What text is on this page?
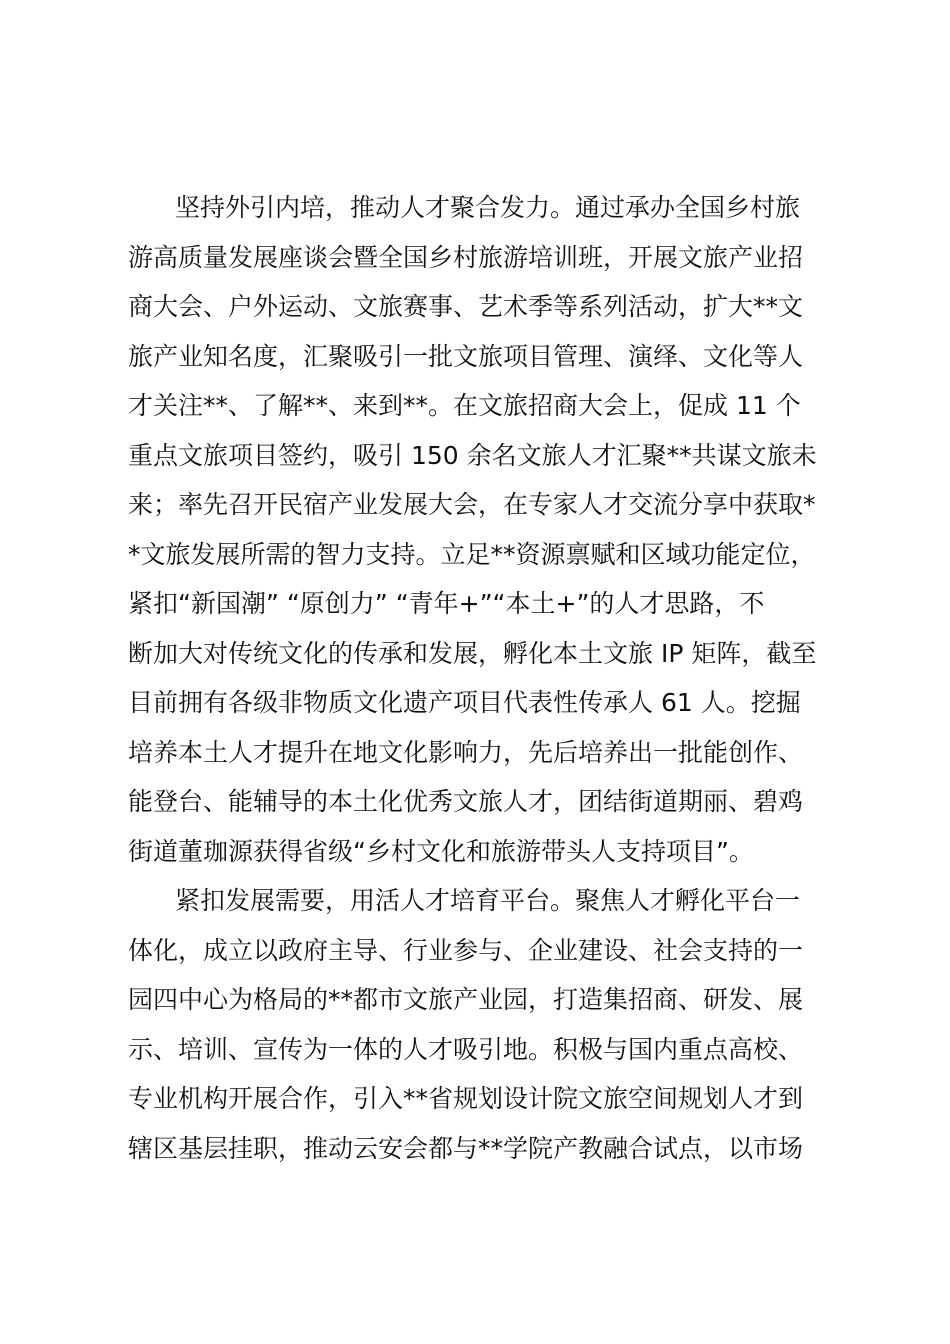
坚持外引内培，推动人才聚合发力。通过承办全国乡村旅
游高质量发展座谈会暨全国乡村旅游培训班，开展文旅产业招
商大会、户外运动、文旅赛事、艺术季等系列活动，扩大**文
旅产业知名度，汇聚吸引一批文旅项目管理、演绎、文化等人
才关注**、了解**、来到**。在文旅招商大会上，促成 11 个
重点文旅项目签约，吸引 150 余名文旅人才汇聚**共谋文旅未
来；率先召开民宿产业发展大会，在专家人才交流分享中获取*
*文旅发展所需的智力支持。立足**资源禀赋和区域功能定位，
紧扣“新国潮” “原创力” “青年+”“本土+”的人才思路，不
断加大对传统文化的传承和发展，孵化本土文旅 IP 矩阵，截至
目前拥有各级非物质文化遗产项目代表性传承人 61 人。挖掘
培养本土人才提升在地文化影响力，先后培养出一批能创作、
能登台、能辅导的本土化优秀文旅人才，团结街道期丽、碧鸡
街道董珈源获得省级“乡村文化和旅游带头人支持项目”。

紧扣发展需要，用活人才培育平台。聚焦人才孵化平台一
体化，成立以政府主导、行业参与、企业建设、社会支持的一
园四中心为格局的**都市文旅产业园，打造集招商、研发、展
示、培训、宣传为一体的人才吸引地。积极与国内重点高校、
专业机构开展合作，引入**省规划设计院文旅空间规划人才到
辖区基层挂职，推动云安会都与**学院产教融合试点，以市场
